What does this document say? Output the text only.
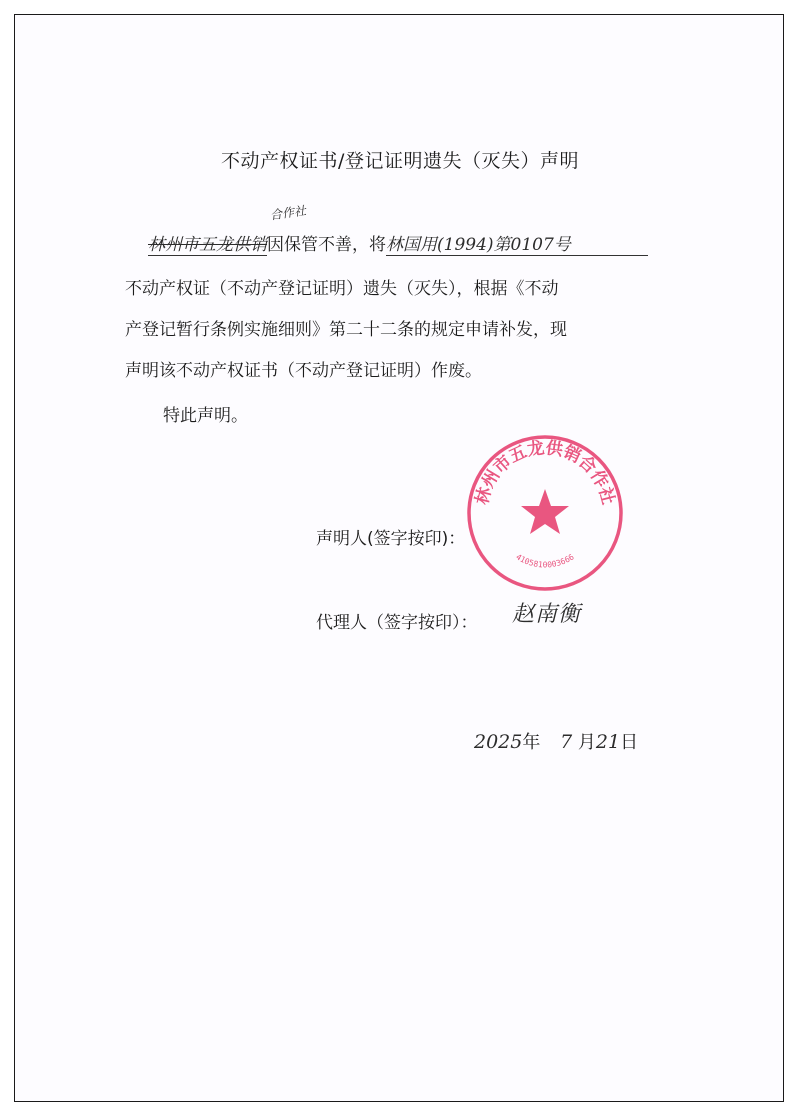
不动产权证书/登记证明遗失（灭失）声明
合作社
林州市五龙供销因保管不善，将林国用(1994)第0107号
不动产权证（不动产登记证明）遗失（灭失），根据《不动
产登记暂行条例实施细则》第二十二条的规定申请补发，现
声明该不动产权证书（不动产登记证明）作废。
特此声明。
声明人(签字按印)：
林州市五龙供销合作社
4105810003666
代理人（签字按印）： 赵南衡
2025年 7 月21日
